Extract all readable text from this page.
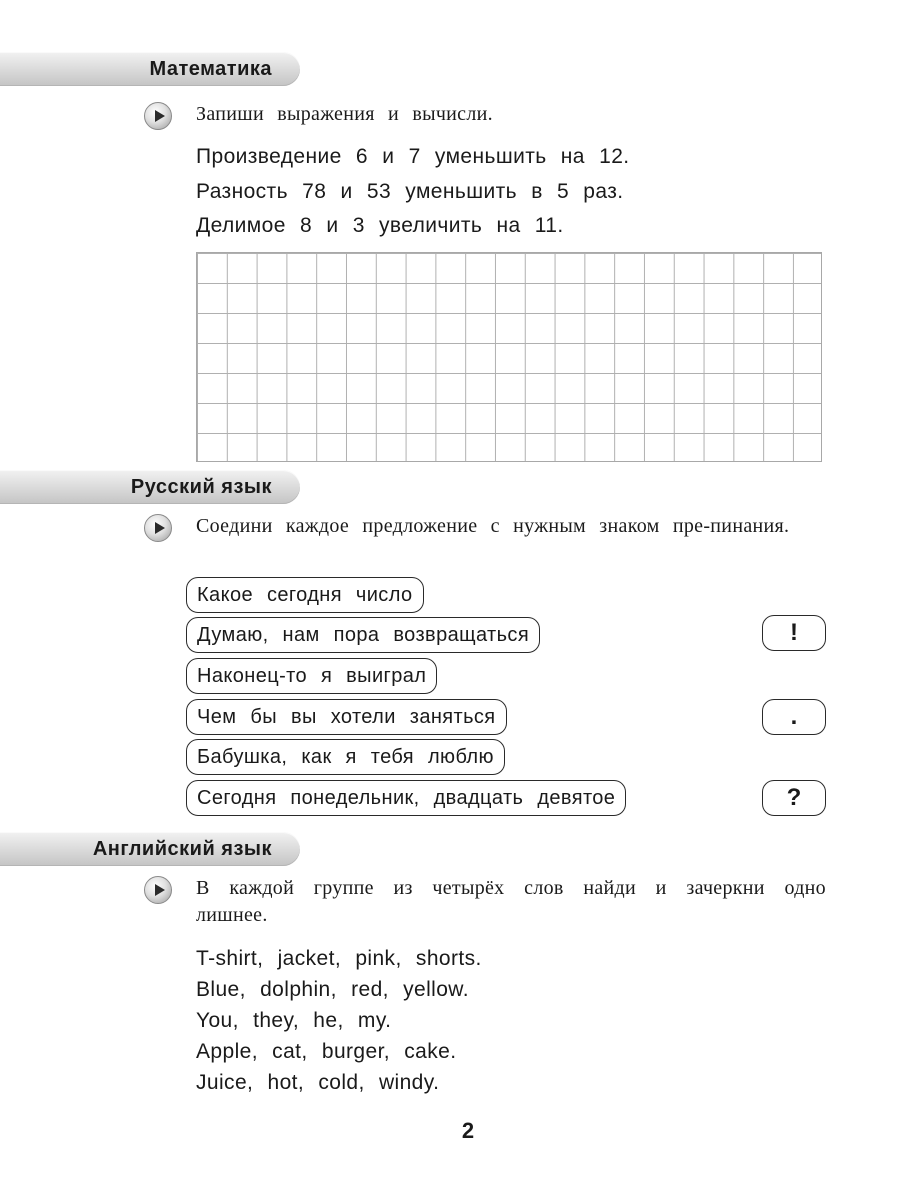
Математика
Запиши выражения и вычисли.
Произведение 6 и 7 уменьшить на 12.
Разность 78 и 53 уменьшить в 5 раз.
Делимое 8 и 3 увеличить на 11.
Русский язык
Соедини каждое предложение с нужным знаком пре-пинания.
Какое сегодня число
Думаю, нам пора возвращаться
Наконец-то я выиграл
Чем бы вы хотели заняться
Бабушка, как я тебя люблю
Сегодня понедельник, двадцать девятое
!
.
?
Английский язык
В каждой группе из четырёх слов найди и зачеркни одно лишнее.
T-shirt, jacket, pink, shorts.
Blue, dolphin, red, yellow.
You, they, he, my.
Apple, cat, burger, cake.
Juice, hot, cold, windy.
2
